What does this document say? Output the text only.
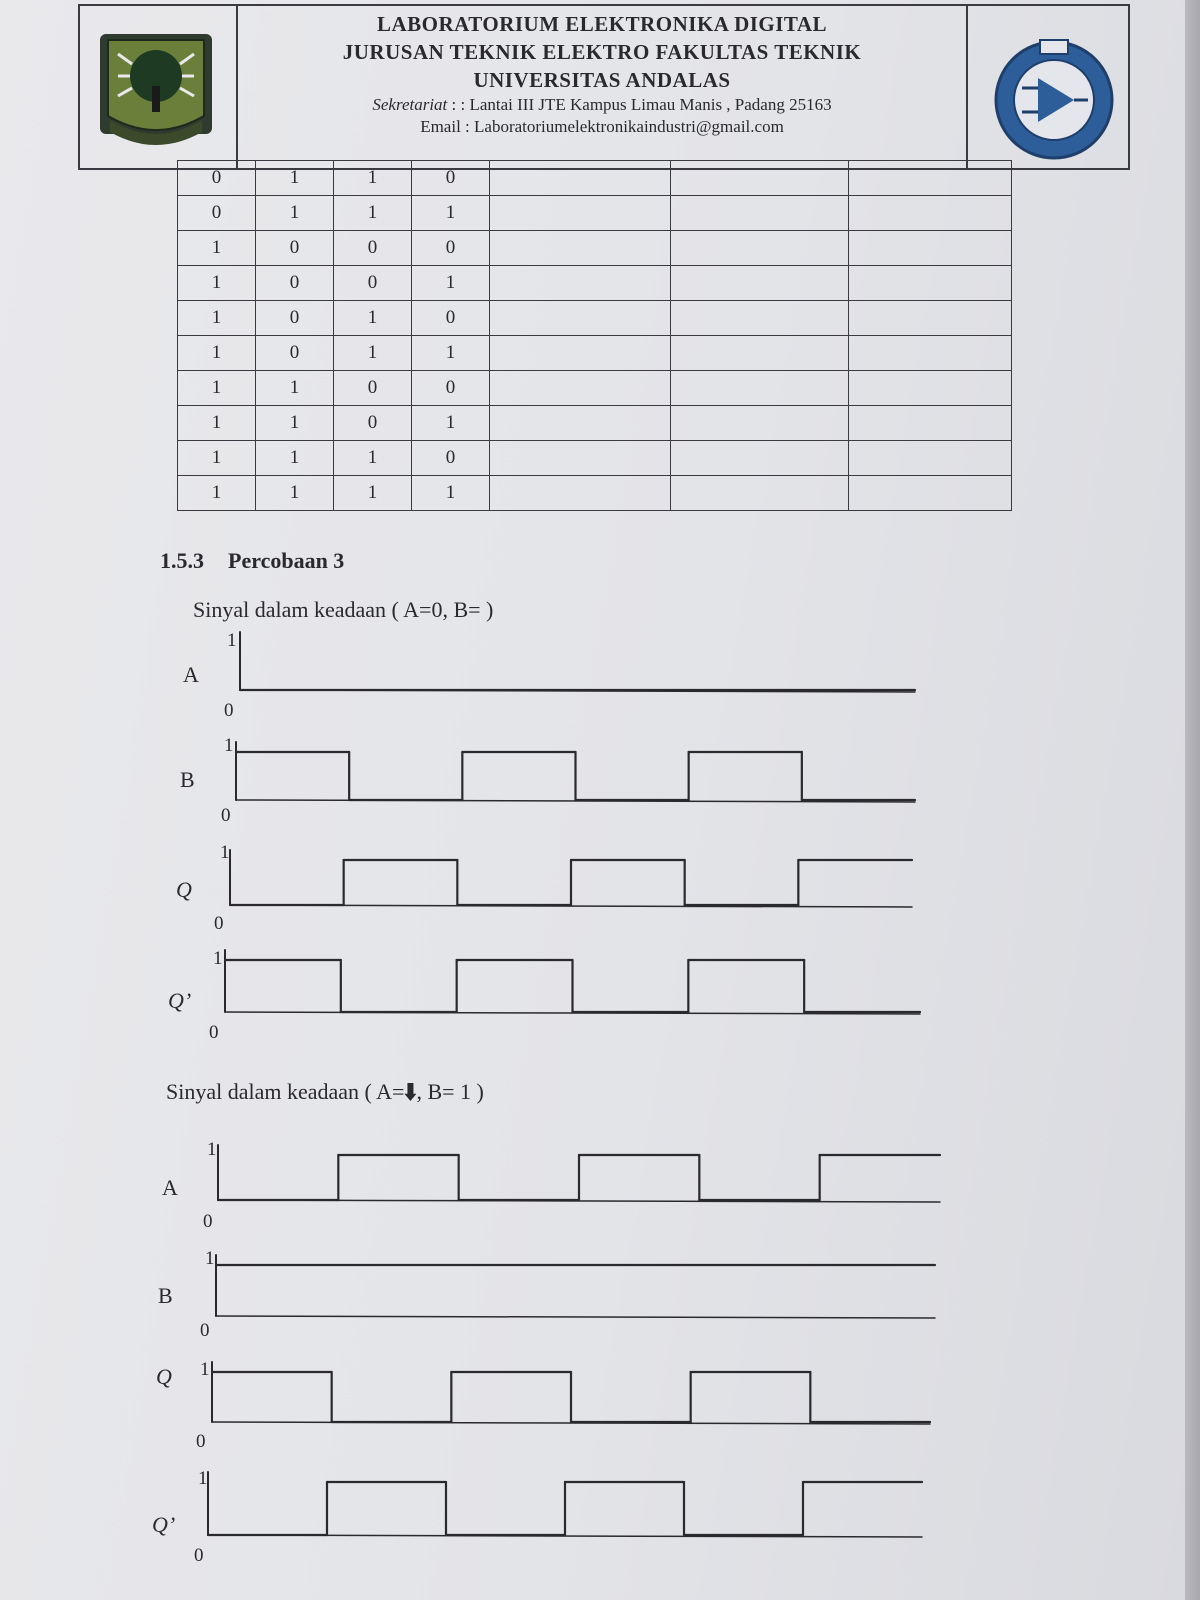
LABORATORIUM ELEKTRONIKA DIGITAL
JURUSAN TEKNIK ELEKTRO FAKULTAS TEKNIK
UNIVERSITAS ANDALAS
Sekretariat : : Lantai III JTE Kampus Limau Manis , Padang 25163
Email : Laboratoriumelektronikaindustri@gmail.com
0	1	1	0			
0	1	1	1			
1	0	0	0			
1	0	0	1			
1	0	1	0			
1	0	1	1			
1	1	0	0			
1	1	0	1			
1	1	1	0			
1	1	1	1			
1.5.3 Percobaan 3
Sinyal dalam keadaan ( A=0, B= )
A
1
0
B
1
0
Q
1
0
Q’
1
0
Sinyal dalam keadaan ( A= , B= 1 )
A
1
0
B
1
0
Q 1
0
Q’
1
0
